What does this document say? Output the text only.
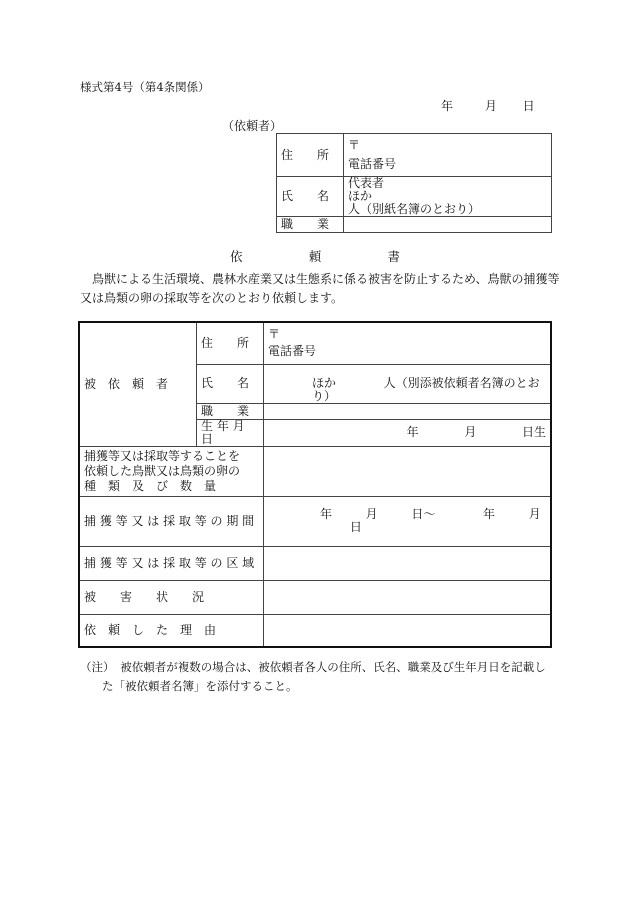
様式第4号（第4条関係）
年	月 日
（依頼者）
住　　所	〒
電話番号

氏　　名	代表者
ほか  人（別紙名簿のとおり）

職　　業	
依	頼	書

鳥獣による生活環境、農林水産業又は生態系に係る被害を防止するため、鳥獣の捕獲等

又は鳥類の卵の採取等を次のとおり依頼します。

被　依　頼　者	住　　所	〒
電話番号

	氏　　名	ほか 人（別添被依頼者名簿のとおり）
	職　　業	
	生 年 月 日	年 月 日生

捕獲等又は採取等することを
依頼した鳥獣又は鳥類の卵の
種　類　及　び　数　量		

捕 獲 等 又 は 採 取 等 の 期 間		年 月 日～ 年 月  日
捕 獲 等 又 は 採 取 等 の 区 域		
被　　害　　状　　況		
依　頼　し　た　理　由		

（注）　被依頼者が複数の場合は、被依頼者各人の住所、氏名、職業及び生年月日を記載し

た「被依頼者名簿」を添付すること。
